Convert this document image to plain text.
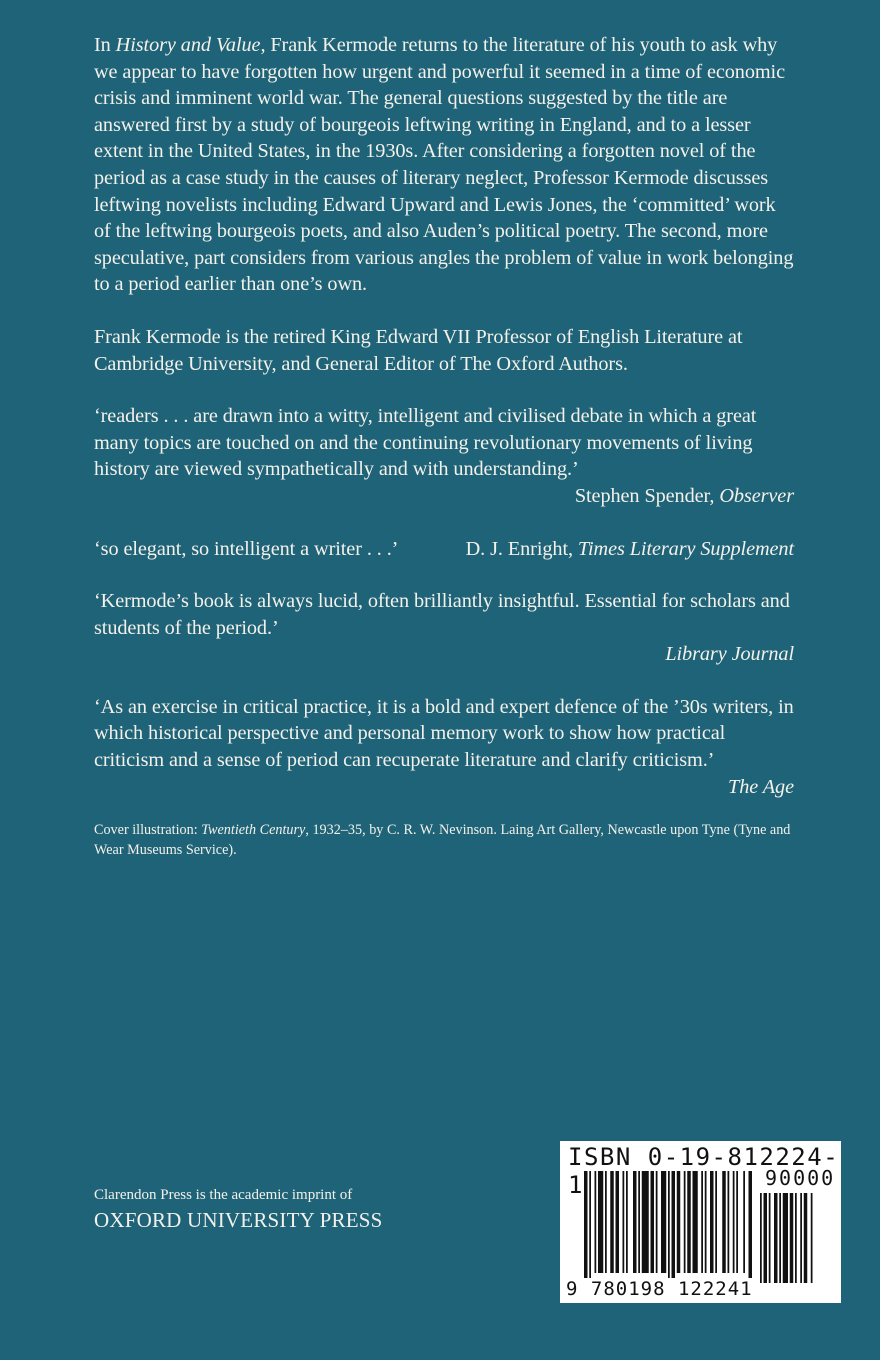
In History and Value, Frank Kermode returns to the literature of his youth to ask why we appear to have forgotten how urgent and powerful it seemed in a time of economic crisis and imminent world war. The general questions suggested by the title are answered first by a study of bourgeois leftwing writing in England, and to a lesser extent in the United States, in the 1930s. After considering a forgotten novel of the period as a case study in the causes of literary neglect, Professor Kermode discusses leftwing novelists including Edward Upward and Lewis Jones, the ‘committed’ work of the leftwing bourgeois poets, and also Auden’s political poetry. The second, more speculative, part considers from various angles the problem of value in work belonging to a period earlier than one’s own.

Frank Kermode is the retired King Edward VII Professor of English Literature at Cambridge University, and General Editor of The Oxford Authors.

‘readers . . . are drawn into a witty, intelligent and civilised debate in which a great many topics are touched on and the continuing revolutionary movements of living history are viewed sympathetically and with understanding.’
Stephen Spender, Observer
‘so elegant, so intelligent a writer . . .’	D. J. Enright, Times Literary Supplement
‘Kermode’s book is always lucid, often brilliantly insightful. Essential for scholars and students of the period.’
Library Journal
‘As an exercise in critical practice, it is a bold and expert defence of the ’30s writers, in which historical perspective and personal memory work to show how practical criticism and a sense of period can recuperate literature and clarify criticism.’
The Age

Cover illustration: Twentieth Century, 1932–35, by C. R. W. Nevinson. Laing Art Gallery, Newcastle upon Tyne (Tyne and Wear Museums Service).

Clarendon Press is the academic imprint of
OXFORD UNIVERSITY PRESS
ISBN 0-19-812224-1	90000
9 780198 122241
